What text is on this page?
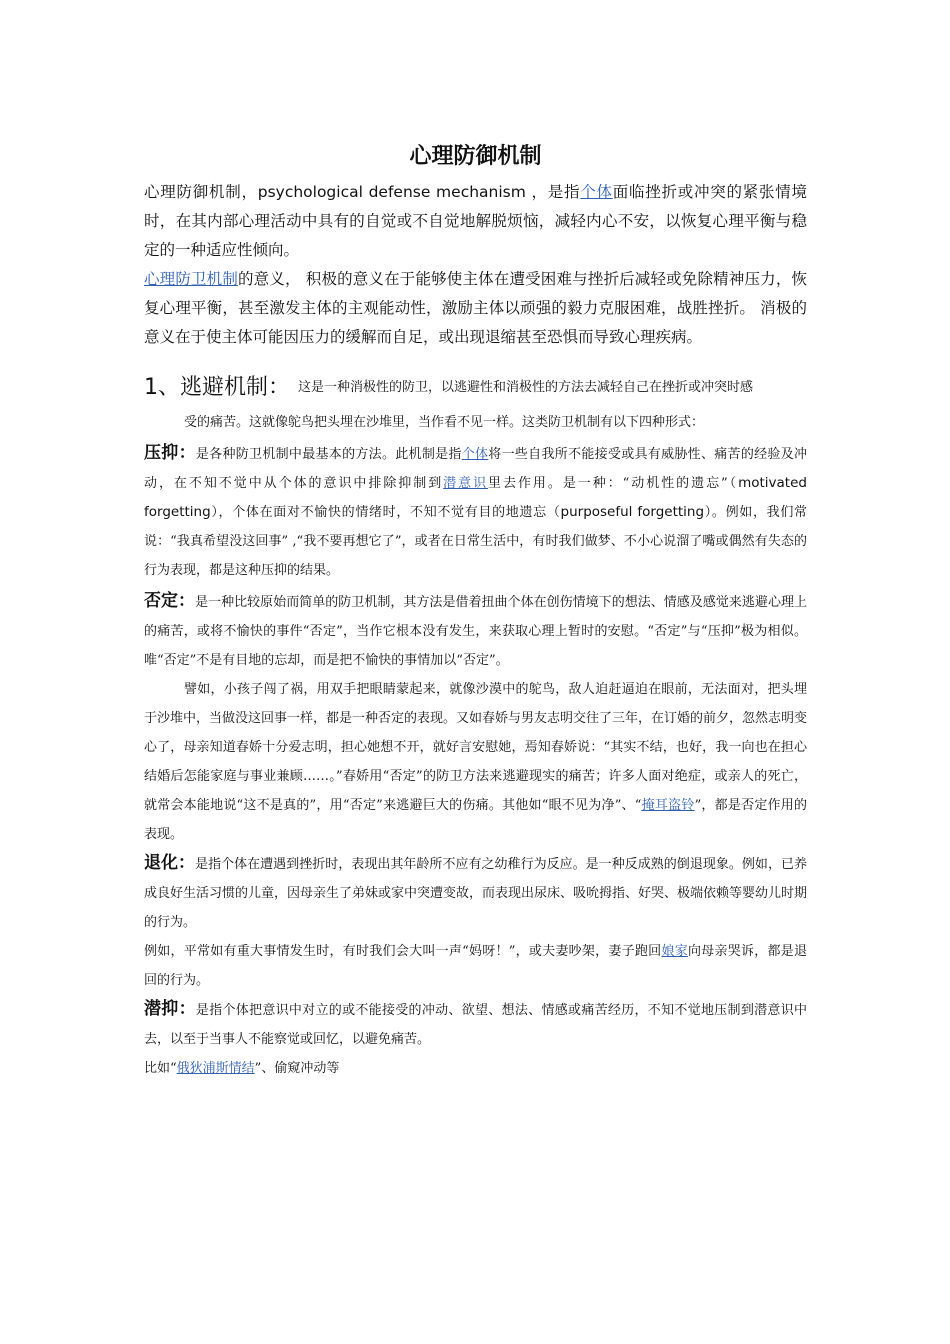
心理防御机制

心理防御机制，psychological defense mechanism ，是指个体面临挫折或冲突的紧张情境时，在其内部心理活动中具有的自觉或不自觉地解脱烦恼，减轻内心不安，以恢复心理平衡与稳定的一种适应性倾向。

心理防卫机制的意义， 积极的意义在于能够使主体在遭受困难与挫折后减轻或免除精神压力，恢复心理平衡，甚至激发主体的主观能动性，激励主体以顽强的毅力克服困难，战胜挫折。 消极的意义在于使主体可能因压力的缓解而自足，或出现退缩甚至恐惧而导致心理疾病。

1、逃避机制： 这是一种消极性的防卫，以逃避性和消极性的方法去减轻自己在挫折或冲突时感

受的痛苦。这就像鸵鸟把头埋在沙堆里，当作看不见一样。这类防卫机制有以下四种形式：

压抑：是各种防卫机制中最基本的方法。此机制是指个体将一些自我所不能接受或具有威胁性、痛苦的经验及冲动，在不知不觉中从个体的意识中排除抑制到潜意识里去作用。是一种：“动机性的遗忘”（motivated forgetting），个体在面对不愉快的情绪时，不知不觉有目的地遗忘（purposeful forgetting）。例如，我们常说：“我真希望没这回事” ,“我不要再想它了”，或者在日常生活中，有时我们做梦、不小心说溜了嘴或偶然有失态的行为表现，都是这种压抑的结果。

否定：是一种比较原始而简单的防卫机制，其方法是借着扭曲个体在创伤情境下的想法、情感及感觉来逃避心理上的痛苦，或将不愉快的事件“否定”，当作它根本没有发生，来获取心理上暂时的安慰。“否定”与“压抑”极为相似。唯“否定”不是有目地的忘却，而是把不愉快的事情加以“否定”。

譬如，小孩子闯了祸，用双手把眼睛蒙起来，就像沙漠中的鸵鸟，敌人迫赶逼迫在眼前，无法面对，把头埋于沙堆中，当做没这回事一样，都是一种否定的表现。又如春娇与男友志明交往了三年，在订婚的前夕，忽然志明变心了，母亲知道春娇十分爱志明，担心她想不开，就好言安慰她，焉知春娇说：“其实不结，也好，我一向也在担心结婚后怎能家庭与事业兼顾……。”春娇用“否定”的防卫方法来逃避现实的痛苦；许多人面对绝症，或亲人的死亡，就常会本能地说“这不是真的”，用“否定”来逃避巨大的伤痛。其他如“眼不见为净”、“掩耳盗铃”，都是否定作用的表现。

退化：是指个体在遭遇到挫折时，表现出其年龄所不应有之幼稚行为反应。是一种反成熟的倒退现象。例如，已养成良好生活习惯的儿童，因母亲生了弟妹或家中突遭变故，而表现出尿床、吸吮拇指、好哭、极端依赖等婴幼儿时期的行为。

例如，平常如有重大事情发生时，有时我们会大叫一声“妈呀！”，或夫妻吵架，妻子跑回娘家向母亲哭诉，都是退回的行为。

潜抑：是指个体把意识中对立的或不能接受的冲动、欲望、想法、情感或痛苦经历，不知不觉地压制到潜意识中去，以至于当事人不能察觉或回忆，以避免痛苦。

比如“俄狄浦斯情结”、偷窥冲动等
